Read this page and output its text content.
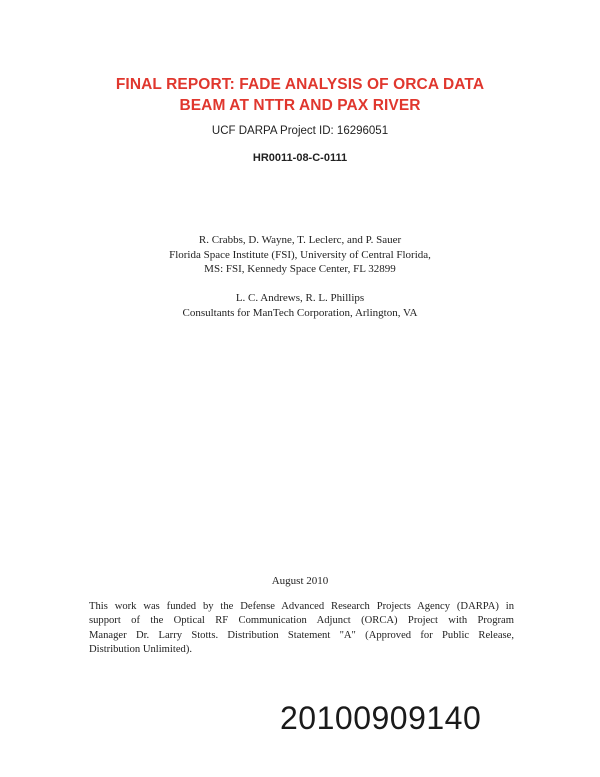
FINAL REPORT: FADE ANALYSIS OF ORCA DATA
BEAM AT NTTR AND PAX RIVER
UCF DARPA Project ID: 16296051
HR0011-08-C-0111
R. Crabbs, D. Wayne, T. Leclerc, and P. Sauer
Florida Space Institute (FSI), University of Central Florida,
MS: FSI, Kennedy Space Center, FL 32899
L. C. Andrews, R. L. Phillips
Consultants for ManTech Corporation, Arlington, VA
August 2010
This work was funded by the Defense Advanced Research Projects Agency (DARPA) in
support of the Optical RF Communication Adjunct (ORCA) Project with Program
Manager Dr. Larry Stotts. Distribution Statement "A" (Approved for Public Release,
Distribution Unlimited).
20100909140
